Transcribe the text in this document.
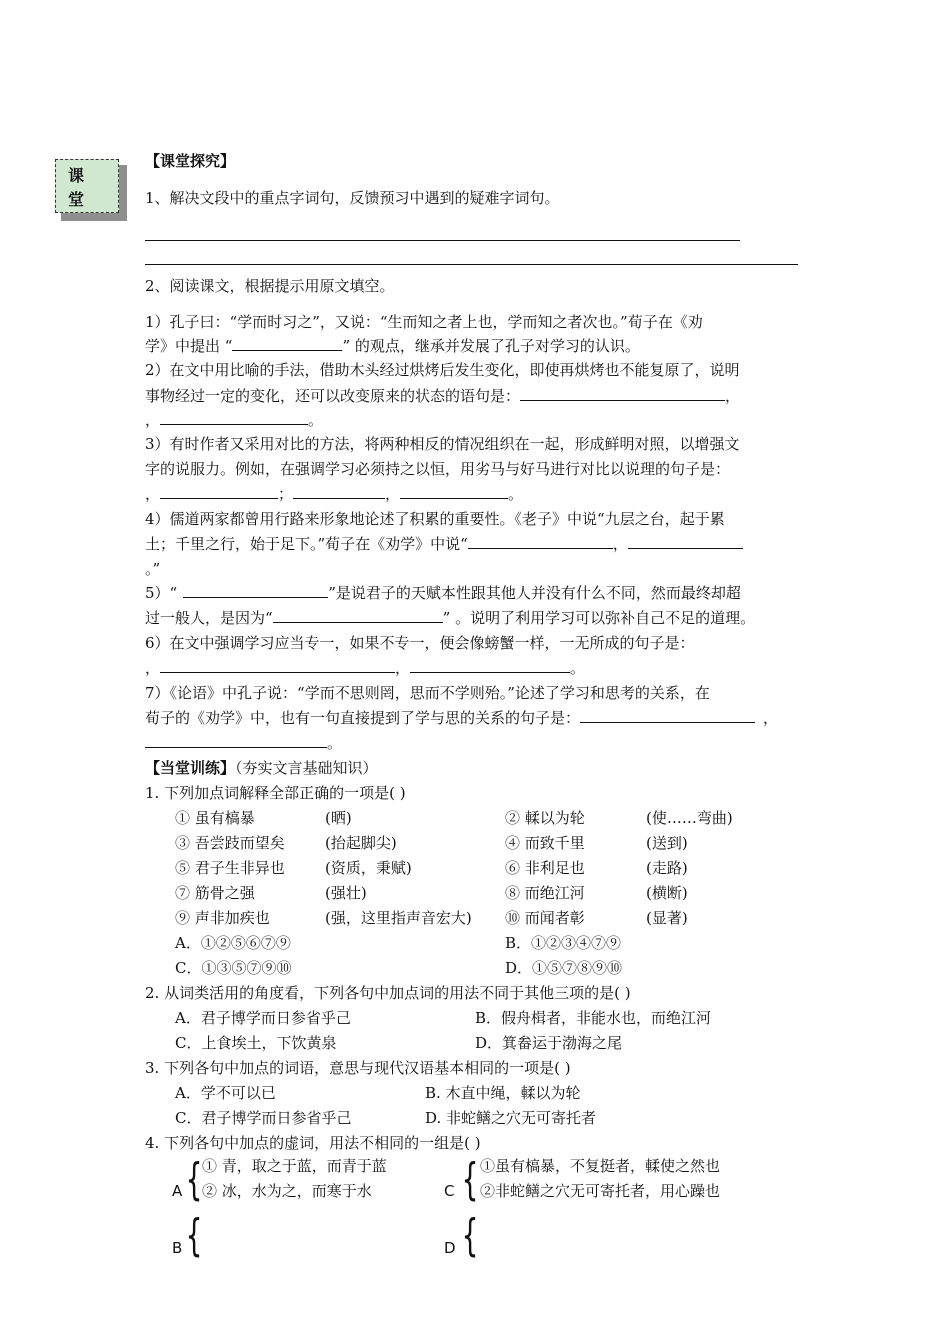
课
堂
【课堂探究】
1、解决文段中的重点字词句，反馈预习中遇到的疑难字词句。
2、阅读课文，根据提示用原文填空。
1）孔子曰：“学而时习之”，又说：“生而知之者上也，学而知之者次也。”荀子在《劝
学》中提出 “	” 的观点，继承并发展了孔子对学习的认识。
2）在文中用比喻的手法，借助木头经过烘烤后发生变化，即使再烘烤也不能复原了，说明
事物经过一定的变化，还可以改变原来的状态的语句是：	，
，	。
3）有时作者又采用对比的方法，将两种相反的情况组织在一起，形成鲜明对照，以增强文
字的说服力。例如，在强调学习必须持之以恒，用劣马与好马进行对比以说理的句子是：
，	；	，	。
4）儒道两家都曾用行路来形象地论述了积累的重要性。《老子》中说“九层之台，起于累
土；千里之行，始于足下。”荀子在《劝学》中说“	，
。”
5）“	”是说君子的天赋本性跟其他人并没有什么不同，然而最终却超
过一般人，是因为“	” 。说明了利用学习可以弥补自己不足的道理。
6）在文中强调学习应当专一，如果不专一，便会像螃蟹一样，一无所成的句子是：
，	，	。
7）《论语》中孔子说：“学而不思则罔，思而不学则殆。”论述了学习和思考的关系，在
荀子的《劝学》中，也有一句直接提到了学与思的关系的句子是：	，
。
【当堂训练】（夯实文言基础知识）
1. 下列加点词解释全部正确的一项是( )
① 虽有槁暴	(晒)	② 輮以为轮	(使……弯曲)
③ 吾尝跂而望矣	(抬起脚尖)	④ 而致千里	(送到)
⑤ 君子生非异也	(资质，秉赋)	⑥ 非利足也	(走路)
⑦ 筋骨之强	(强壮)	⑧ 而绝江河	(横断)
⑨ 声非加疾也	(强，这里指声音宏大) ⑩ 而闻者彰	(显著)
A．①②⑤⑥⑦⑨	B．①②③④⑦⑨
C．①③⑤⑦⑨⑩	D．①⑤⑦⑧⑨⑩
2. 从词类活用的角度看，下列各句中加点词的用法不同于其他三项的是( )
A．君子博学而日参省乎己	B．假舟楫者，非能水也，而绝江河
C．上食埃土，下饮黄泉	D．箕畚运于渤海之尾
3. 下列各句中加点的词语，意思与现代汉语基本相同的一项是( )
A．学不可以已	B. 木直中绳，輮以为轮
C．君子博学而日参省乎己	D. 非蛇鳝之穴无可寄托者
4. 下列各句中加点的虚词，用法不相同的一组是( )
A { ① 青，取之于蓝，而青于蓝
② 冰，水为之，而寒于水	C { ①虽有槁暴，不复挺者，輮使之然也
②非蛇鳝之穴无可寄托者，用心躁也
B {	D {
